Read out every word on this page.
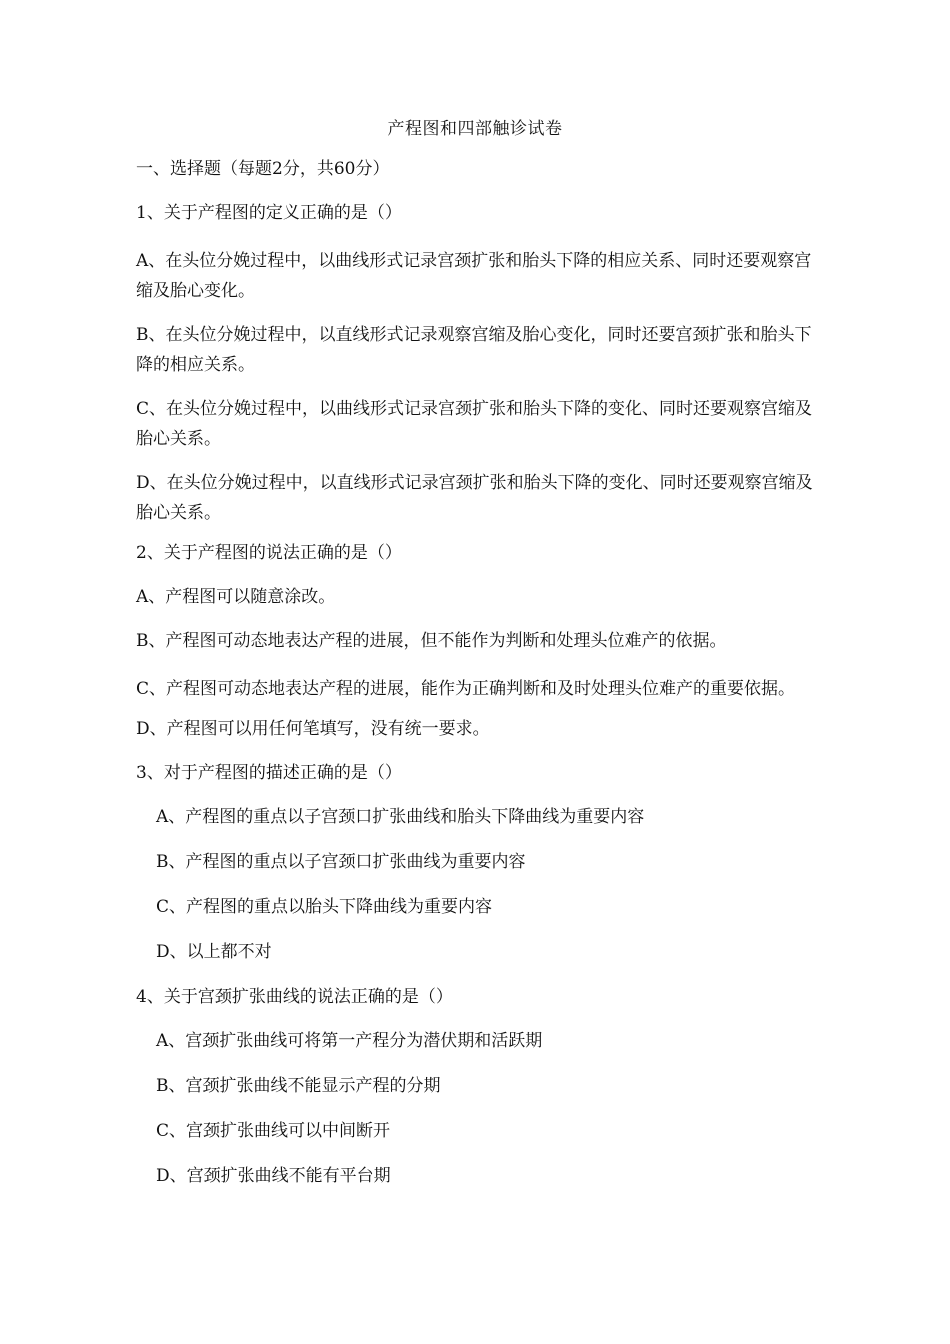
产程图和四部触诊试卷
一、选择题（每题2分，共60分）

1、关于产程图的定义正确的是（）

A、在头位分娩过程中，以曲线形式记录宫颈扩张和胎头下降的相应关系、同时还要观察宫缩及胎心变化。

B、在头位分娩过程中，以直线形式记录观察宫缩及胎心变化，同时还要宫颈扩张和胎头下降的相应关系。

C、在头位分娩过程中，以曲线形式记录宫颈扩张和胎头下降的变化、同时还要观察宫缩及胎心关系。

D、在头位分娩过程中，以直线形式记录宫颈扩张和胎头下降的变化、同时还要观察宫缩及胎心关系。

2、关于产程图的说法正确的是（）

A、产程图可以随意涂改。

B、产程图可动态地表达产程的进展，但不能作为判断和处理头位难产的依据。

C、产程图可动态地表达产程的进展，能作为正确判断和及时处理头位难产的重要依据。

D、产程图可以用任何笔填写，没有统一要求。

3、对于产程图的描述正确的是（）

A、产程图的重点以子宫颈口扩张曲线和胎头下降曲线为重要内容

B、产程图的重点以子宫颈口扩张曲线为重要内容

C、产程图的重点以胎头下降曲线为重要内容

D、以上都不对

4、关于宫颈扩张曲线的说法正确的是（）

A、宫颈扩张曲线可将第一产程分为潜伏期和活跃期

B、宫颈扩张曲线不能显示产程的分期

C、宫颈扩张曲线可以中间断开

D、宫颈扩张曲线不能有平台期
